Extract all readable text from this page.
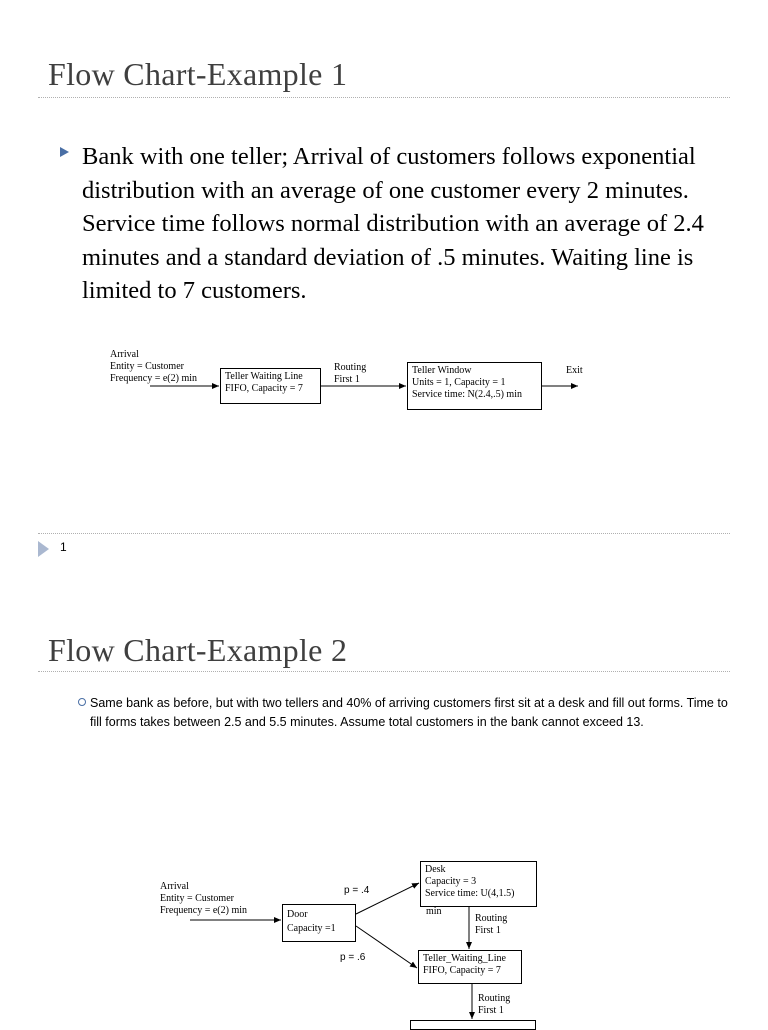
Flow Chart-Example 1
Bank with one teller; Arrival of customers follows exponential distribution with an average of one customer every 2 minutes. Service time follows normal distribution with an average of 2.4 minutes and a standard deviation of .5 minutes. Waiting line is limited to 7 customers.
Arrival
Entity = Customer
Frequency = e(2) min	Teller Waiting Line
FIFO, Capacity = 7
Routing
First 1
Teller Window
Units = 1, Capacity = 1
Service time: N(2.4,.5) min
Exit
1
Flow Chart-Example 2
Same bank as before, but with two tellers and 40% of arriving customers first sit at a desk and fill out forms. Time to fill forms takes between 2.5 and 5.5 minutes. Assume total customers in the bank cannot exceed 13.
Arrival
Entity = Customer
Frequency = e(2) min	Door
Capacity =1
p = .4
p = .6
Desk
Capacity = 3
Service time: U(4,1.5)
min
Routing
First 1
Teller_Waiting_Line
FIFO, Capacity = 7
Routing
First 1
